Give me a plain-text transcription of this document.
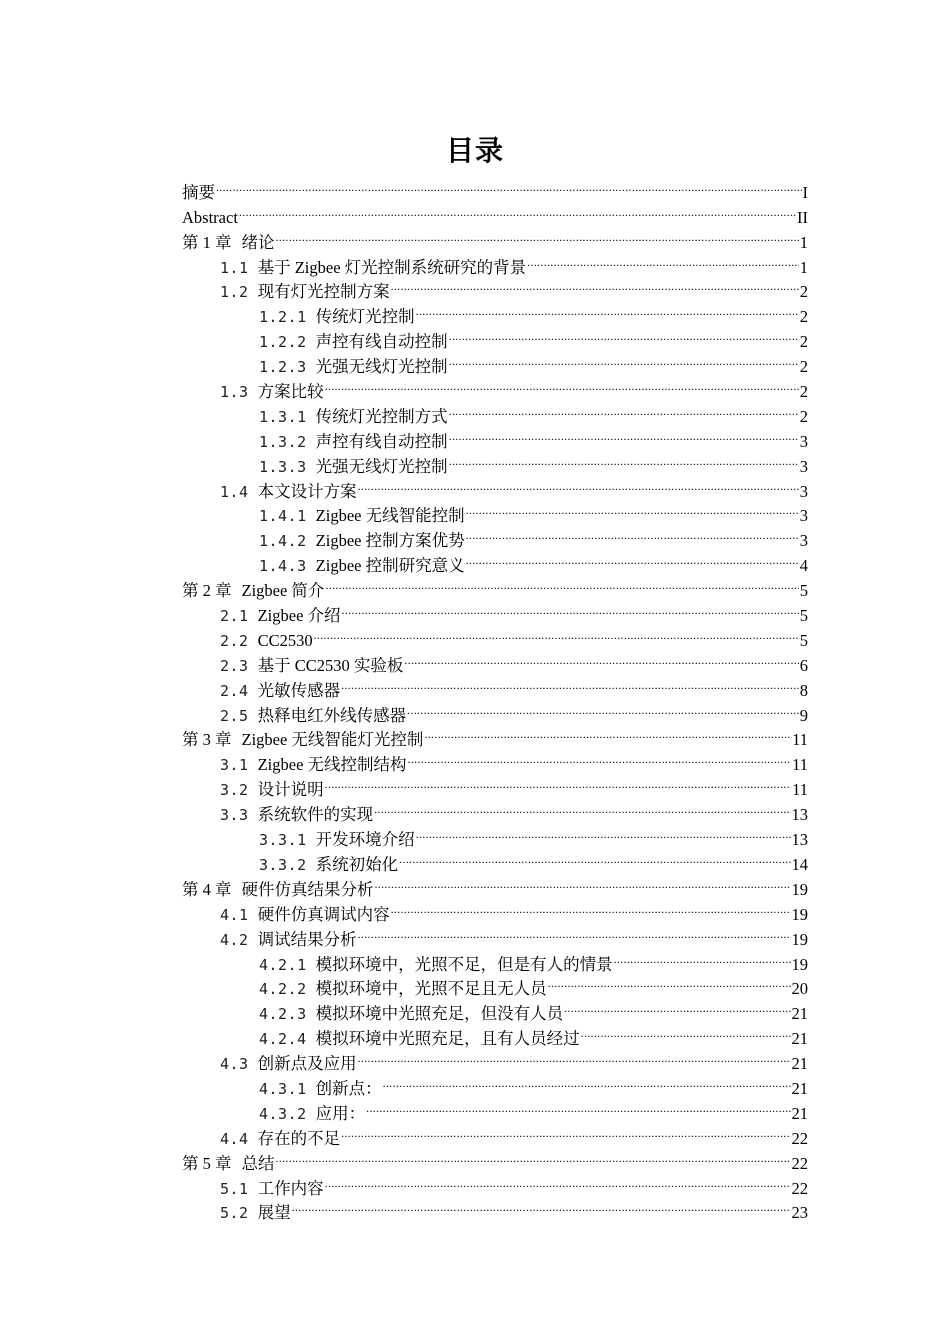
目录
摘要 .....	I
Abstract .....	II
第 1 章 绪论 .....	1
1.1 基于 Zigbee 灯光控制系统研究的背景 .....	1
1.2 现有灯光控制方案 .....	2
1.2.1 传统灯光控制 .....	2
1.2.2 声控有线自动控制 .....	2
1.2.3 光强无线灯光控制 .....	2
1.3 方案比较 .....	2
1.3.1 传统灯光控制方式 .....	2
1.3.2 声控有线自动控制 .....	3
1.3.3 光强无线灯光控制 .....	3
1.4 本文设计方案 .....	3
1.4.1 Zigbee 无线智能控制 .....	3
1.4.2 Zigbee 控制方案优势 .....	3
1.4.3 Zigbee 控制研究意义 .....	4
第 2 章 Zigbee 简介 .....	5
2.1 Zigbee 介绍 .....	5
2.2 CC2530 .....	5
2.3 基于 CC2530 实验板 .....	6
2.4 光敏传感器 .....	8
2.5 热释电红外线传感器 .....	9
第 3 章 Zigbee 无线智能灯光控制 .....	11
3.1 Zigbee 无线控制结构 .....	11
3.2 设计说明 .....	11
3.3 系统软件的实现 .....	13
3.3.1 开发环境介绍 .....	13
3.3.2 系统初始化 .....	14
第 4 章 硬件仿真结果分析 .....	19
4.1 硬件仿真调试内容 .....	19
4.2 调试结果分析 .....	19
4.2.1 模拟环境中，光照不足，但是有人的情景 .....	19
4.2.2 模拟环境中，光照不足且无人员 .....	20
4.2.3 模拟环境中光照充足，但没有人员 .....	21
4.2.4 模拟环境中光照充足，且有人员经过 .....	21
4.3 创新点及应用 .....	21
4.3.1 创新点： .....	21
4.3.2 应用： .....	21
4.4 存在的不足 .....	22
第 5 章 总结 .....	22
5.1 工作内容 .....	22
5.2 展望 .....	23
